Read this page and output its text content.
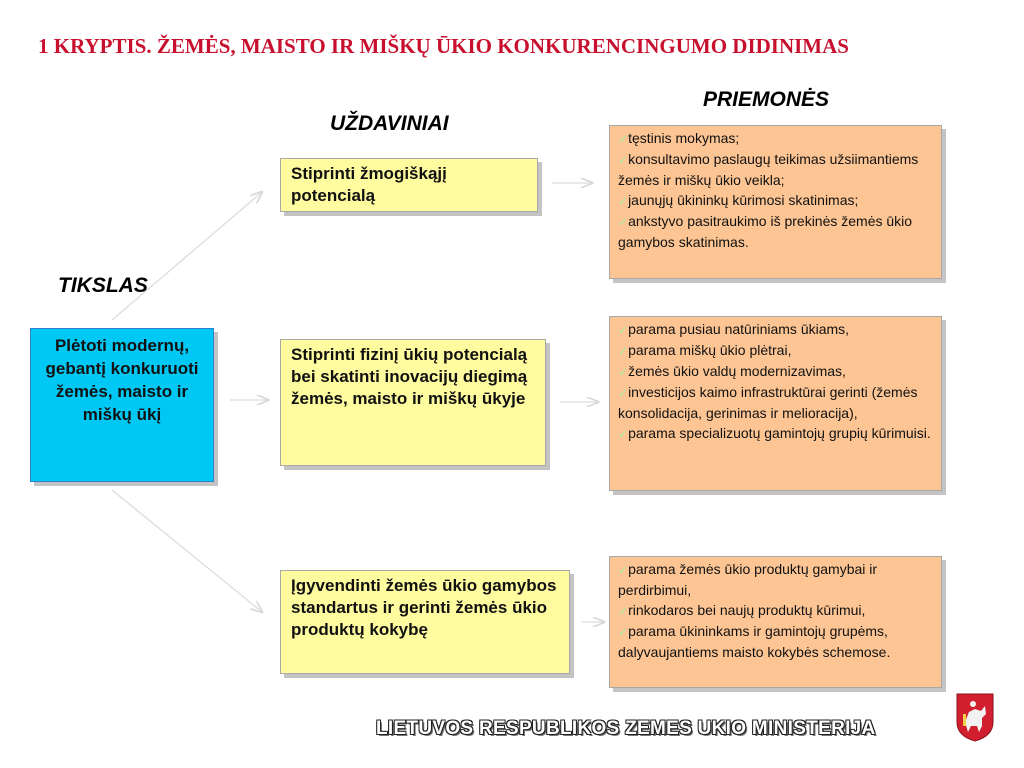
1 KRYPTIS. ŽEMĖS, MAISTO IR MIŠKŲ ŪKIO KONKURENCINGUMO DIDINIMAS
PRIEMONĖS
UŽDAVINIAI
TIKSLAS
Plėtoti modernų, gebantį konkuruoti žemės, maisto ir miškų ūkį
Stiprinti žmogiškąjį potencialą
Stiprinti fizinį ūkių potencialą bei skatinti inovacijų diegimą žemės, maisto ir miškų ūkyje
Įgyvendinti žemės ūkio gamybos standartus ir gerinti žemės ūkio produktų kokybę
✓tęstinis mokymas;
✓konsultavimo paslaugų teikimas užsiimantiems žemės ir miškų ūkio veikla;
✓jaunųjų ūkininkų kūrimosi skatinimas;
✓ankstyvo pasitraukimo iš prekinės žemės ūkio gamybos skatinimas.
✓parama pusiau natūriniams ūkiams,
✓parama miškų ūkio plėtrai,
✓žemės ūkio valdų modernizavimas,
✓investicijos kaimo infrastruktūrai gerinti (žemės konsolidacija, gerinimas ir melioracija),
✓parama specializuotų gamintojų grupių kūrimuisi.
✓parama žemės ūkio produktų gamybai ir perdirbimui,
✓rinkodaros bei naujų produktų kūrimui,
✓parama ūkininkams ir gamintojų grupėms, dalyvaujantiems maisto kokybės schemose.
LIETUVOS RESPUBLIKOS ZEMES UKIO MINISTERIJA
